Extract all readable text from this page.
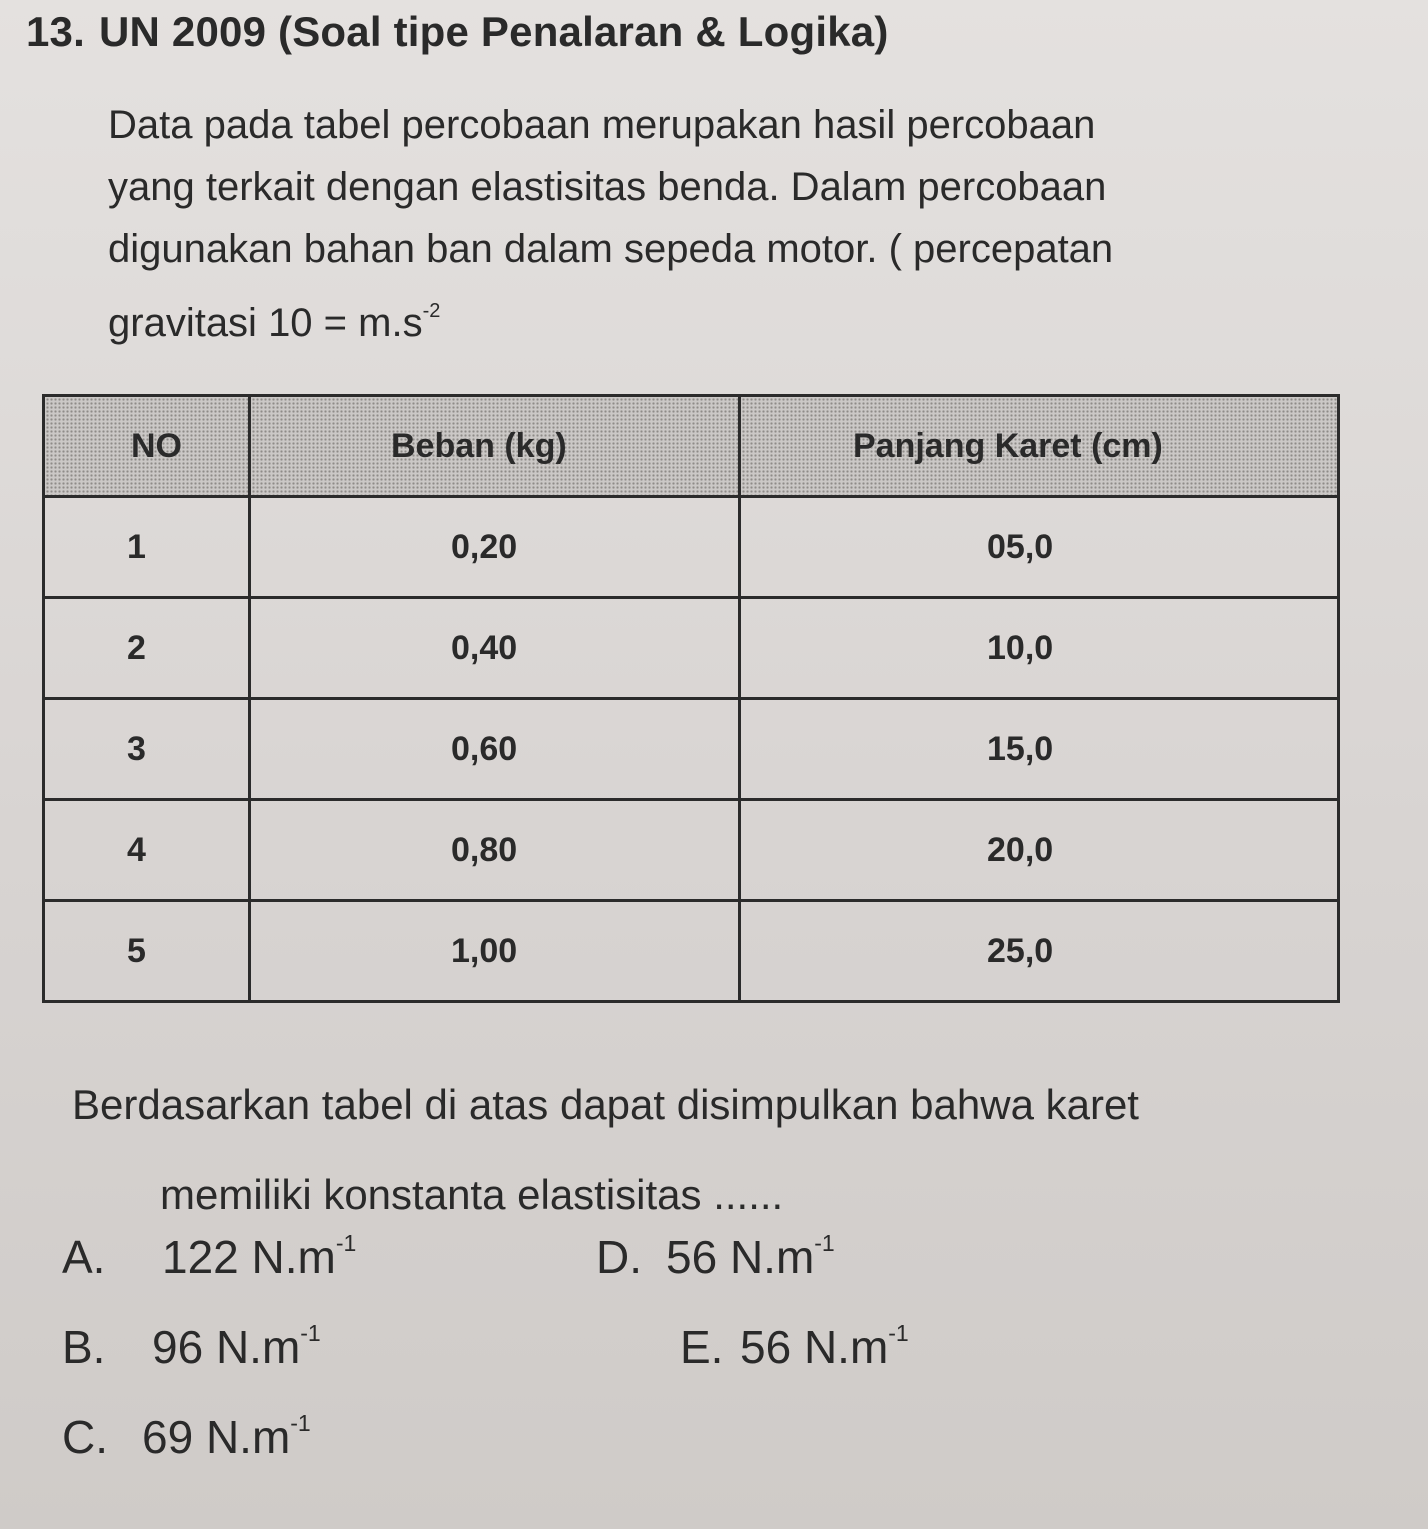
13. UN 2009 (Soal tipe Penalaran & Logika)
Data pada tabel percobaan merupakan hasil percobaan
yang terkait dengan elastisitas benda. Dalam percobaan
digunakan bahan ban dalam sepeda motor. ( percepatan
gravitasi $10 = m.s^{-2}$
NO	Beban (kg)	Panjang Karet (cm)
1	0,20	05,0
2	0,40	10,0
3	0,60	15,0
4	0,80	20,0
5	1,00	25,0
Berdasarkan tabel di atas dapat disimpulkan bahwa karet
memiliki konstanta elastisitas ......
A. 122 $N.m^{-1}$
B. 96 $N.m^{-1}$
C. 69 $N.m^{-1}$
D. 56 $N.m^{-1}$
E. 56 $N.m^{-1}$
